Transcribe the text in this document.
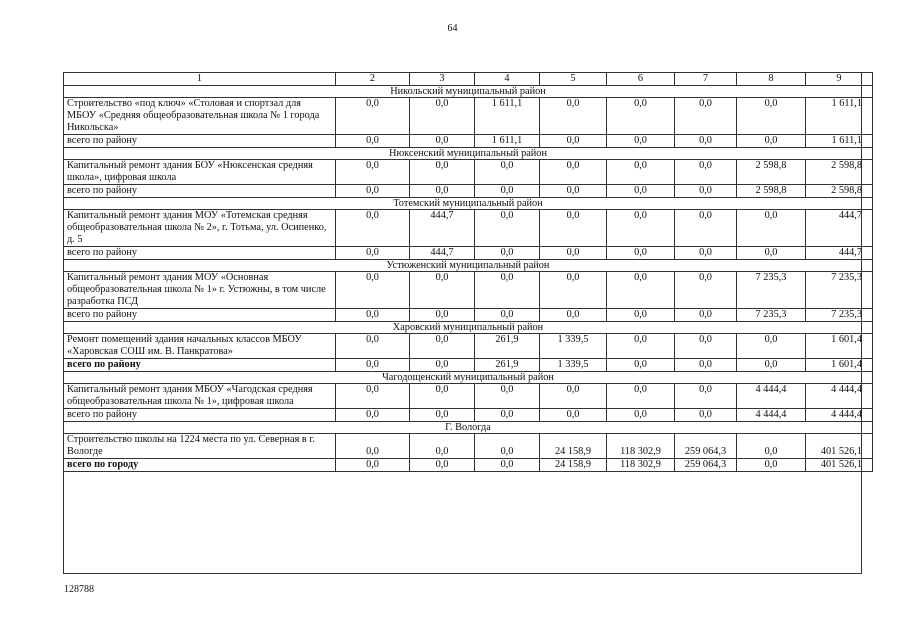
64
1	2	3	4	5	6	7	8	9
Никольский муниципальный район								
Строительство «под ключ» «Столовая и спортзал для МБОУ «Средняя общеобразовательная школа № 1 города Никольска»	0,0	0,0	1 611,1	0,0	0,0	0,0	0,0	1 611,1
всего по району	0,0	0,0	1 611,1	0,0	0,0	0,0	0,0	1 611,1
Нюксенский муниципальный район								
Капитальный ремонт здания БОУ «Нюксенская средняя школа», цифровая школа	0,0	0,0	0,0	0,0	0,0	0,0	2 598,8	2 598,8
всего по району	0,0	0,0	0,0	0,0	0,0	0,0	2 598,8	2 598,8
Тотемский муниципальный район								
Капитальный ремонт здания МОУ «Тотемская средняя общеобразовательная школа № 2», г. Тотьма, ул. Осипенко, д. 5	0,0	444,7	0,0	0,0	0,0	0,0	0,0	444,7
всего по району	0,0	444,7	0,0	0,0	0,0	0,0	0,0	444,7
Устюженский муниципальный район								
Капитальный ремонт здания МОУ «Основная общеобразовательная школа № 1» г. Устюжны, в том числе разработка ПСД	0,0	0,0	0,0	0,0	0,0	0,0	7 235,3	7 235,3
всего по району	0,0	0,0	0,0	0,0	0,0	0,0	7 235,3	7 235,3
Харовский муниципальный район								
Ремонт помещений здания начальных классов МБОУ «Харовская СОШ им. В. Панкратова»	0,0	0,0	261,9	1 339,5	0,0	0,0	0,0	1 601,4
всего по району	0,0	0,0	261,9	1 339,5	0,0	0,0	0,0	1 601,4
Чагодощенский муниципальный район								
Капитальный ремонт здания МБОУ «Чагодская средняя общеобразовательная школа № 1», цифровая школа	0,0	0,0	0,0	0,0	0,0	0,0	4 444,4	4 444,4
всего по району	0,0	0,0	0,0	0,0	0,0	0,0	4 444,4	4 444,4
Г. Вологда								
Строительство школы на 1224 места по ул. Северная в г. Вологде	0,0	0,0	0,0	24 158,9	118 302,9	259 064,3	0,0	401 526,1
всего по городу	0,0	0,0	0,0	24 158,9	118 302,9	259 064,3	0,0	401 526,1
128788
